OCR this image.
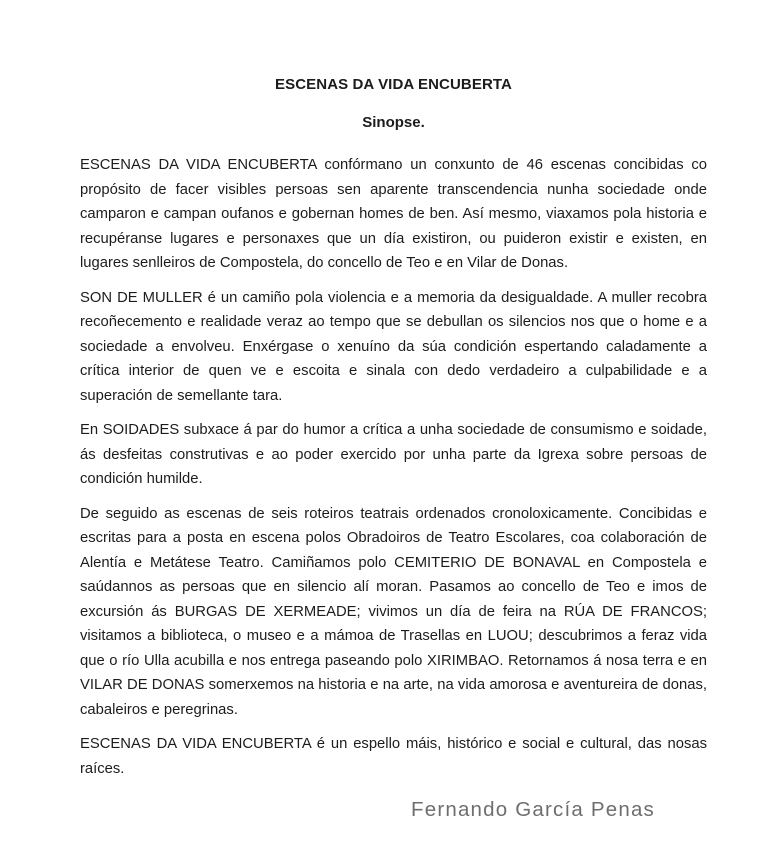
ESCENAS DA VIDA ENCUBERTA
Sinopse.

ESCENAS DA VIDA ENCUBERTA confórmano un conxunto de 46 escenas concibidas co propósito de facer visibles persoas sen aparente transcendencia nunha sociedade onde camparon e campan oufanos e gobernan homes de ben. Así mesmo, viaxamos pola historia e recupéranse lugares e personaxes que un día existiron, ou puideron existir e existen, en lugares senlleiros de Compostela, do concello de Teo e en Vilar de Donas.

SON DE MULLER é un camiño pola violencia e a memoria da desigualdade. A muller recobra recoñecemento e realidade veraz ao tempo que se debullan os silencios nos que o home e a sociedade a envolveu. Enxérgase o xenuíno da súa condición espertando caladamente a crítica interior de quen ve e escoita e sinala con dedo verdadeiro a culpabilidade e a superación de semellante tara.

En SOIDADES subxace á par do humor a crítica a unha sociedade de consumismo e soidade, ás desfeitas construtivas e ao poder exercido por unha parte da Igrexa sobre persoas de condición humilde.

De seguido as escenas de seis roteiros teatrais ordenados cronoloxicamente. Concibidas e escritas para a posta en escena polos Obradoiros de Teatro Escolares, coa colaboración de Alentía e Metátese Teatro. Camiñamos polo CEMITERIO DE BONAVAL en Compostela e saúdannos as persoas que en silencio alí moran. Pasamos ao concello de Teo e imos de excursión ás BURGAS DE XERMEADE; vivimos un día de feira na RÚA DE FRANCOS; visitamos a biblioteca, o museo e a mámoa de Trasellas en LUOU; descubrimos a feraz vida que o río Ulla acubilla e nos entrega paseando polo XIRIMBAO. Retornamos á nosa terra e en VILAR DE DONAS somerxemos na historia e na arte, na vida amorosa e aventureira de donas, cabaleiros e peregrinas.

ESCENAS DA VIDA ENCUBERTA é un espello máis, histórico e social e cultural, das nosas raíces.

Fernando García Penas
